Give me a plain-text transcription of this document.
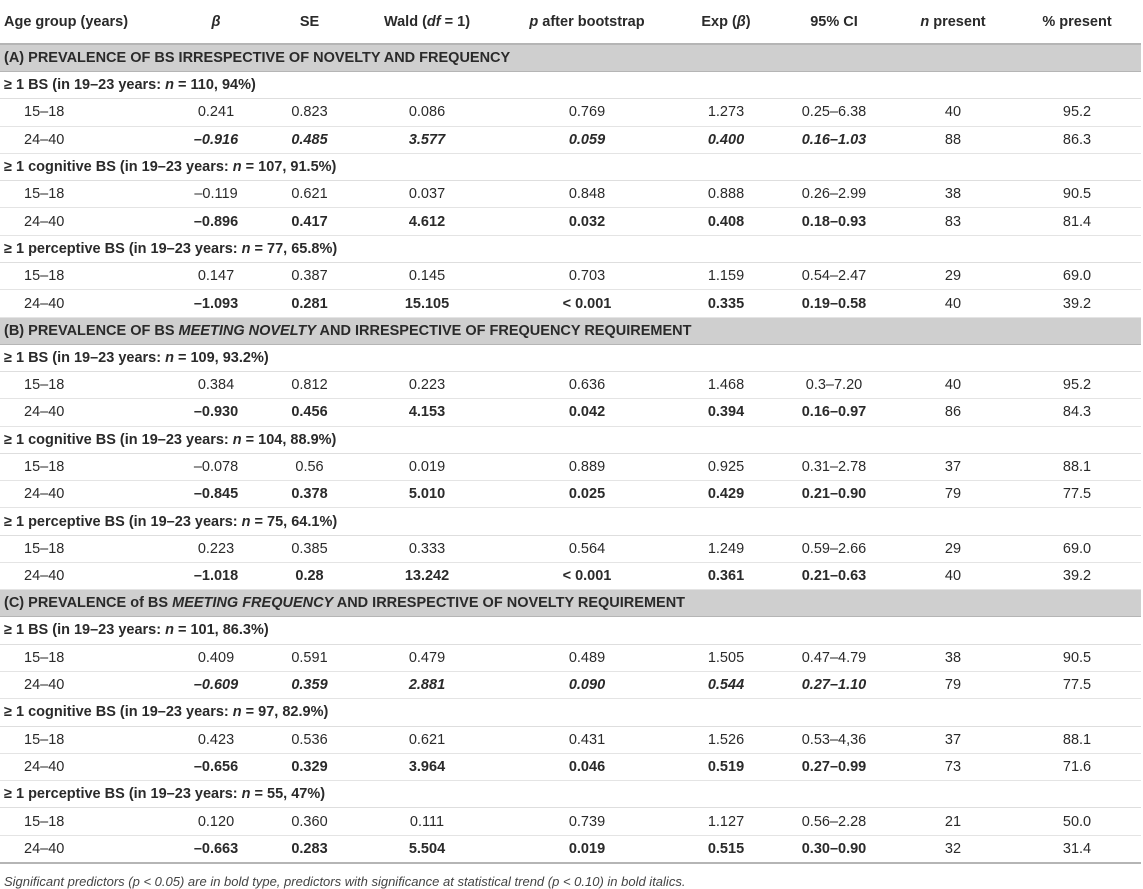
Age group (years)	β	SE	Wald (df = 1)	p after bootstrap	Exp (β)	95% CI	n present	% present
(A) PREVALENCE OF BS IRRESPECTIVE OF NOVELTY AND FREQUENCY								
≥ 1 BS (in 19–23 years: n = 110, 94%)								
15–18	0.241	0.823	0.086	0.769	1.273	0.25–6.38	40	95.2
24–40	–0.916	0.485	3.577	0.059	0.400	0.16–1.03	88	86.3
≥ 1 cognitive BS (in 19–23 years: n = 107, 91.5%)								
15–18	–0.119	0.621	0.037	0.848	0.888	0.26–2.99	38	90.5
24–40	–0.896	0.417	4.612	0.032	0.408	0.18–0.93	83	81.4
≥ 1 perceptive BS (in 19–23 years: n = 77, 65.8%)								
15–18	0.147	0.387	0.145	0.703	1.159	0.54–2.47	29	69.0
24–40	–1.093	0.281	15.105	< 0.001	0.335	0.19–0.58	40	39.2
(B) PREVALENCE OF BS MEETING NOVELTY AND IRRESPECTIVE OF FREQUENCY REQUIREMENT								
≥ 1 BS (in 19–23 years: n = 109, 93.2%)								
15–18	0.384	0.812	0.223	0.636	1.468	0.3–7.20	40	95.2
24–40	–0.930	0.456	4.153	0.042	0.394	0.16–0.97	86	84.3
≥ 1 cognitive BS (in 19–23 years: n = 104, 88.9%)								
15–18	–0.078	0.56	0.019	0.889	0.925	0.31–2.78	37	88.1
24–40	–0.845	0.378	5.010	0.025	0.429	0.21–0.90	79	77.5
≥ 1 perceptive BS (in 19–23 years: n = 75, 64.1%)								
15–18	0.223	0.385	0.333	0.564	1.249	0.59–2.66	29	69.0
24–40	–1.018	0.28	13.242	< 0.001	0.361	0.21–0.63	40	39.2
(C) PREVALENCE of BS MEETING FREQUENCY AND IRRESPECTIVE OF NOVELTY REQUIREMENT								
≥ 1 BS (in 19–23 years: n = 101, 86.3%)								
15–18	0.409	0.591	0.479	0.489	1.505	0.47–4.79	38	90.5
24–40	–0.609	0.359	2.881	0.090	0.544	0.27–1.10	79	77.5
≥ 1 cognitive BS (in 19–23 years: n = 97, 82.9%)								
15–18	0.423	0.536	0.621	0.431	1.526	0.53–4,36	37	88.1
24–40	–0.656	0.329	3.964	0.046	0.519	0.27–0.99	73	71.6
≥ 1 perceptive BS (in 19–23 years: n = 55, 47%)								
15–18	0.120	0.360	0.111	0.739	1.127	0.56–2.28	21	50.0
24–40	–0.663	0.283	5.504	0.019	0.515	0.30–0.90	32	31.4
Significant predictors (p < 0.05) are in bold type, predictors with significance at statistical trend (p < 0.10) in bold italics.
